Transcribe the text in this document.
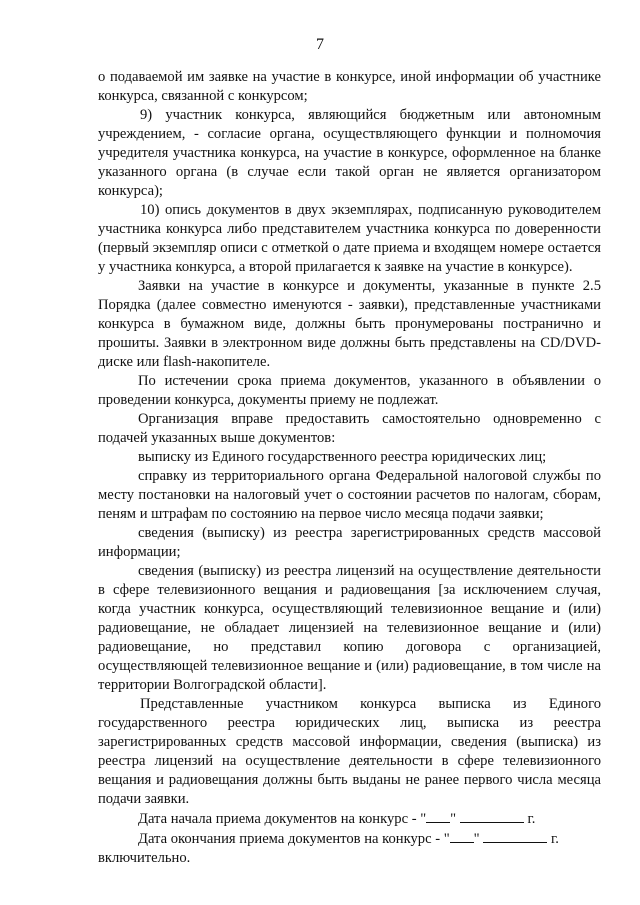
7

о подаваемой им заявке на участие в конкурсе, иной информации об участнике конкурса, связанной с конкурсом;

9) участник конкурса, являющийся бюджетным или автономным учреждением, - согласие органа, осуществляющего функции и полномочия учредителя участника конкурса, на участие в конкурсе, оформленное на бланке указанного органа (в случае если такой орган не является организатором конкурса);

10) опись документов в двух экземплярах, подписанную руководителем участника конкурса либо представителем участника конкурса по доверенности (первый экземпляр описи с отметкой о дате приема и входящем номере остается у участника конкурса, а второй прилагается к заявке на участие в конкурсе).

Заявки на участие в конкурсе и документы, указанные в пункте 2.5 Порядка (далее совместно именуются - заявки), представленные участниками конкурса в бумажном виде, должны быть пронумерованы постранично и прошиты. Заявки в электронном виде должны быть представлены на CD/DVD-диске или flash-накопителе.

По истечении срока приема документов, указанного в объявлении о проведении конкурса, документы приему не подлежат.

Организация вправе предоставить самостоятельно одновременно с подачей указанных выше документов:

выписку из Единого государственного реестра юридических лиц;

справку из территориального органа Федеральной налоговой службы по месту постановки на налоговый учет о состоянии расчетов по налогам, сборам, пеням и штрафам по состоянию на первое число месяца подачи заявки;

сведения (выписку) из реестра зарегистрированных средств массовой информации;

сведения (выписку) из реестра лицензий на осуществление деятельности в сфере телевизионного вещания и радиовещания [за исключением случая, когда участник конкурса, осуществляющий телевизионное вещание и (или) радиовещание, не обладает лицензией на телевизионное вещание и (или) радиовещание, но представил копию договора с организацией, осуществляющей телевизионное вещание и (или) радиовещание, в том числе на территории Волгоградской области].

Представленные участником конкурса выписка из Единого государственного реестра юридических лиц, выписка из реестра зарегистрированных средств массовой информации, сведения (выписка) из реестра лицензий на осуществление деятельности в сфере телевизионного вещания и радиовещания должны быть выданы не ранее первого числа месяца подачи заявки.

Дата начала приема документов на конкурс - " "	г.

Дата окончания приема документов на конкурс - " "	г.

включительно.
